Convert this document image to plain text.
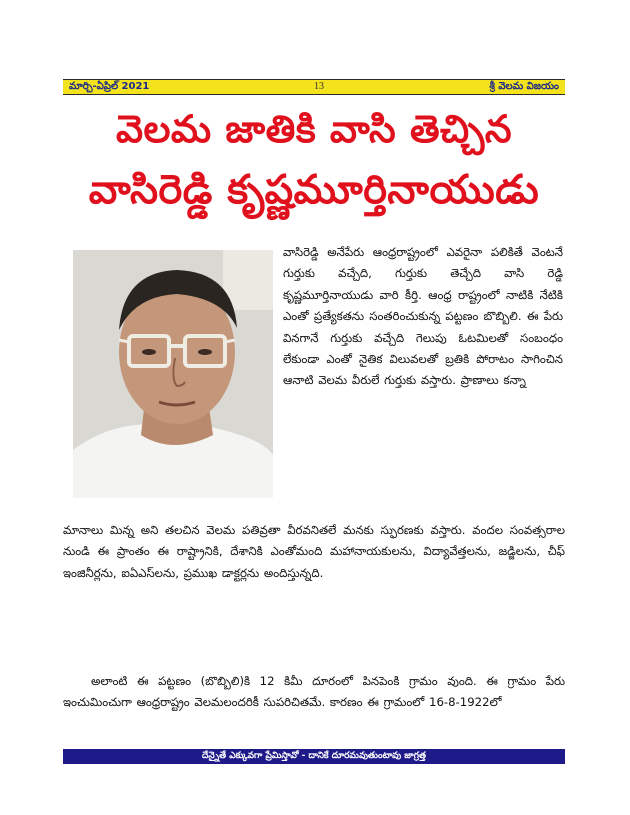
మార్చి-ఏప్రిల్ 2021	13	శ్రీ వెలమ విజయం
వెలమ జాతికి వాసి తెచ్చిన
వాసిరెడ్డి కృష్ణమూర్తినాయుడు
వాసిరెడ్డి అనేపేరు ఆంధ్రరాష్ట్రంలో ఎవరైనా పలికితే వెంటనే గుర్తుకు వచ్చేది, గుర్తుకు తెచ్చేది వాసి రెడ్డి కృష్ణమూర్తినాయుడు వారి కీర్తి. ఆంధ్ర రాష్ట్రంలో నాటికి నేటికి ఎంతో ప్రత్యేకతను సంతరించుకున్న పట్టణం బొబ్బిలి. ఈ పేరు వినగానే గుర్తుకు వచ్చేది గెలుపు ఓటమిలతో సంబంధం లేకుండా ఎంతో నైతిక విలువలతో బ్రతికి పోరాటం సాగించిన ఆనాటి వెలమ వీరులే గుర్తుకు వస్తారు. ప్రాణాలు కన్నా
మానాలు మిన్న అని తలచిన వెలమ పతివ్రతా వీరవనితలే మనకు స్ఫురణకు వస్తారు. వందల సంవత్సరాల నుండి ఈ ప్రాంతం ఈ రాష్ట్రానికి, దేశానికి ఎంతోమంది మహానాయకులను, విద్యావేత్తలను, జడ్జిలను, చీఫ్ ఇంజినీర్లను, ఐఏఎస్‌లను, ప్రముఖ డాక్టర్లను అందిస్తున్నది.
అలాంటి ఈ పట్టణం (బొబ్బిలి)కి 12 కిమీ దూరంలో పినపెంకి గ్రామం వుంది. ఈ గ్రామం పేరు ఇంచుమించుగా ఆంధ్రరాష్ట్రం వెలమలందరికీ సుపరిచితమే. కారణం ఈ గ్రామంలో 16-8-1922లో
దేన్నైతే ఎక్కువగా ప్రేమిస్తావో - దానికే దూరమవుతుంటావు జాగ్రత్త
